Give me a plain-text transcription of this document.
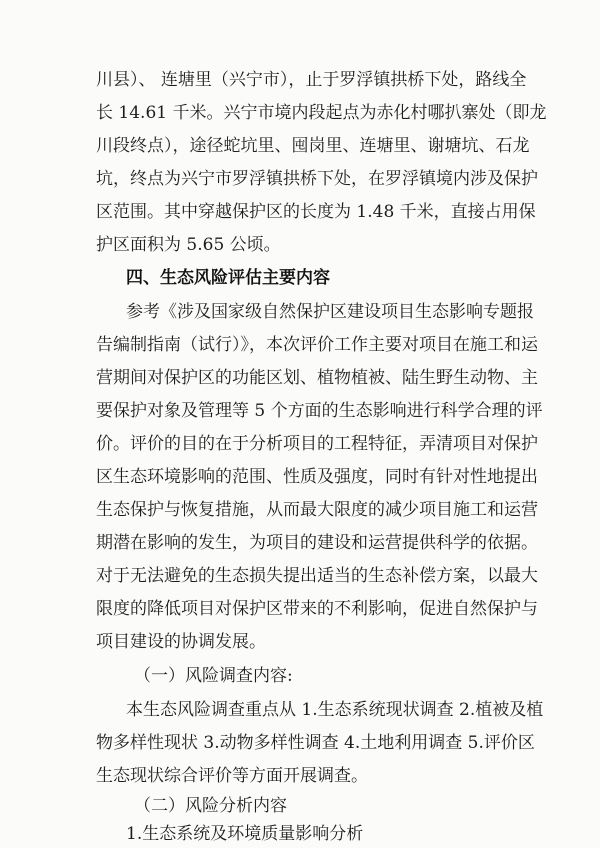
川县）、 连塘里（兴宁市），止于罗浮镇拱桥下处，路线全
长 14.61 千米。兴宁市境内段起点为赤化村哪扒寨处（即龙
川段终点），途径蛇坑里、囤岗里、连塘里、谢塘坑、石龙
坑，终点为兴宁市罗浮镇拱桥下处，在罗浮镇境内涉及保护
区范围。其中穿越保护区的长度为 1.48 千米，直接占用保
护区面积为 5.65 公顷。
四、生态风险评估主要内容
参考《涉及国家级自然保护区建设项目生态影响专题报
告编制指南（试行）》，本次评价工作主要对项目在施工和运
营期间对保护区的功能区划、植物植被、陆生野生动物、主
要保护对象及管理等 5 个方面的生态影响进行科学合理的评
价。评价的目的在于分析项目的工程特征，弄清项目对保护
区生态环境影响的范围、性质及强度，同时有针对性地提出
生态保护与恢复措施，从而最大限度的减少项目施工和运营
期潜在影响的发生，为项目的建设和运营提供科学的依据。
对于无法避免的生态损失提出适当的生态补偿方案，以最大
限度的降低项目对保护区带来的不利影响，促进自然保护与
项目建设的协调发展。
（一）风险调查内容:
本生态风险调查重点从 1.生态系统现状调查 2.植被及植
物多样性现状 3.动物多样性调查 4.土地利用调查 5.评价区
生态现状综合评价等方面开展调查。
（二）风险分析内容
1.生态系统及环境质量影响分析
